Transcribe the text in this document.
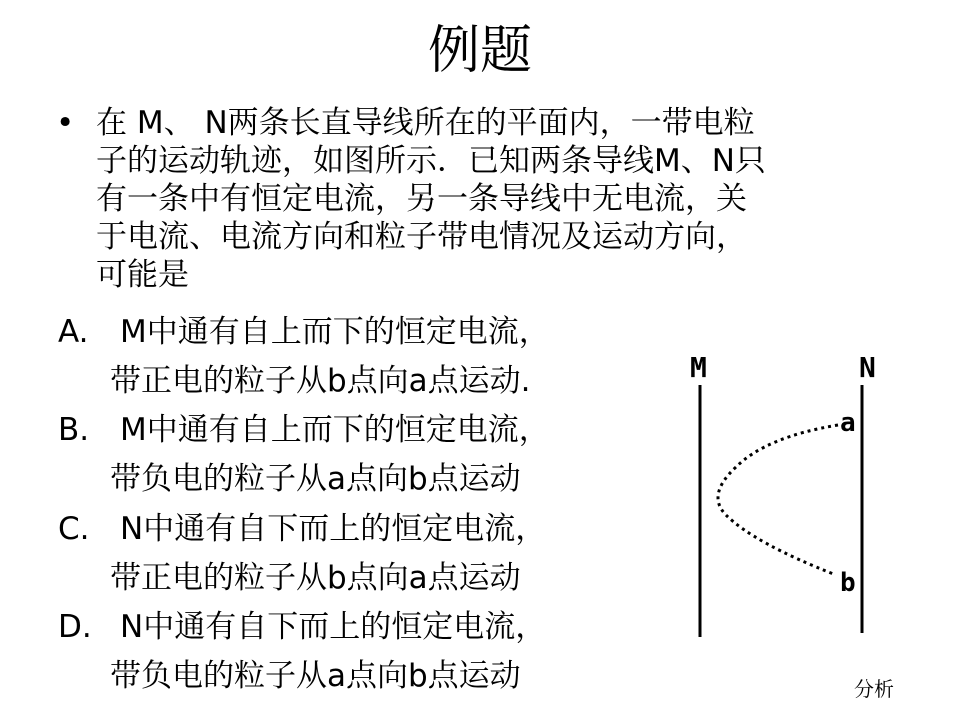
例题
• 在 M、 N两条长直导线所在的平面内，一带电粒
子的运动轨迹，如图所示．已知两条导线M、N只
有一条中有恒定电流，另一条导线中无电流，关
于电流、电流方向和粒子带电情况及运动方向，
可能是
A. M中通有自上而下的恒定电流，
带正电的粒子从b点向a点运动.
B. M中通有自上而下的恒定电流，
带负电的粒子从a点向b点运动
C. N中通有自下而上的恒定电流，
带正电的粒子从b点向a点运动
D. N中通有自下而上的恒定电流，
带负电的粒子从a点向b点运动
M	N
a
b
分析
